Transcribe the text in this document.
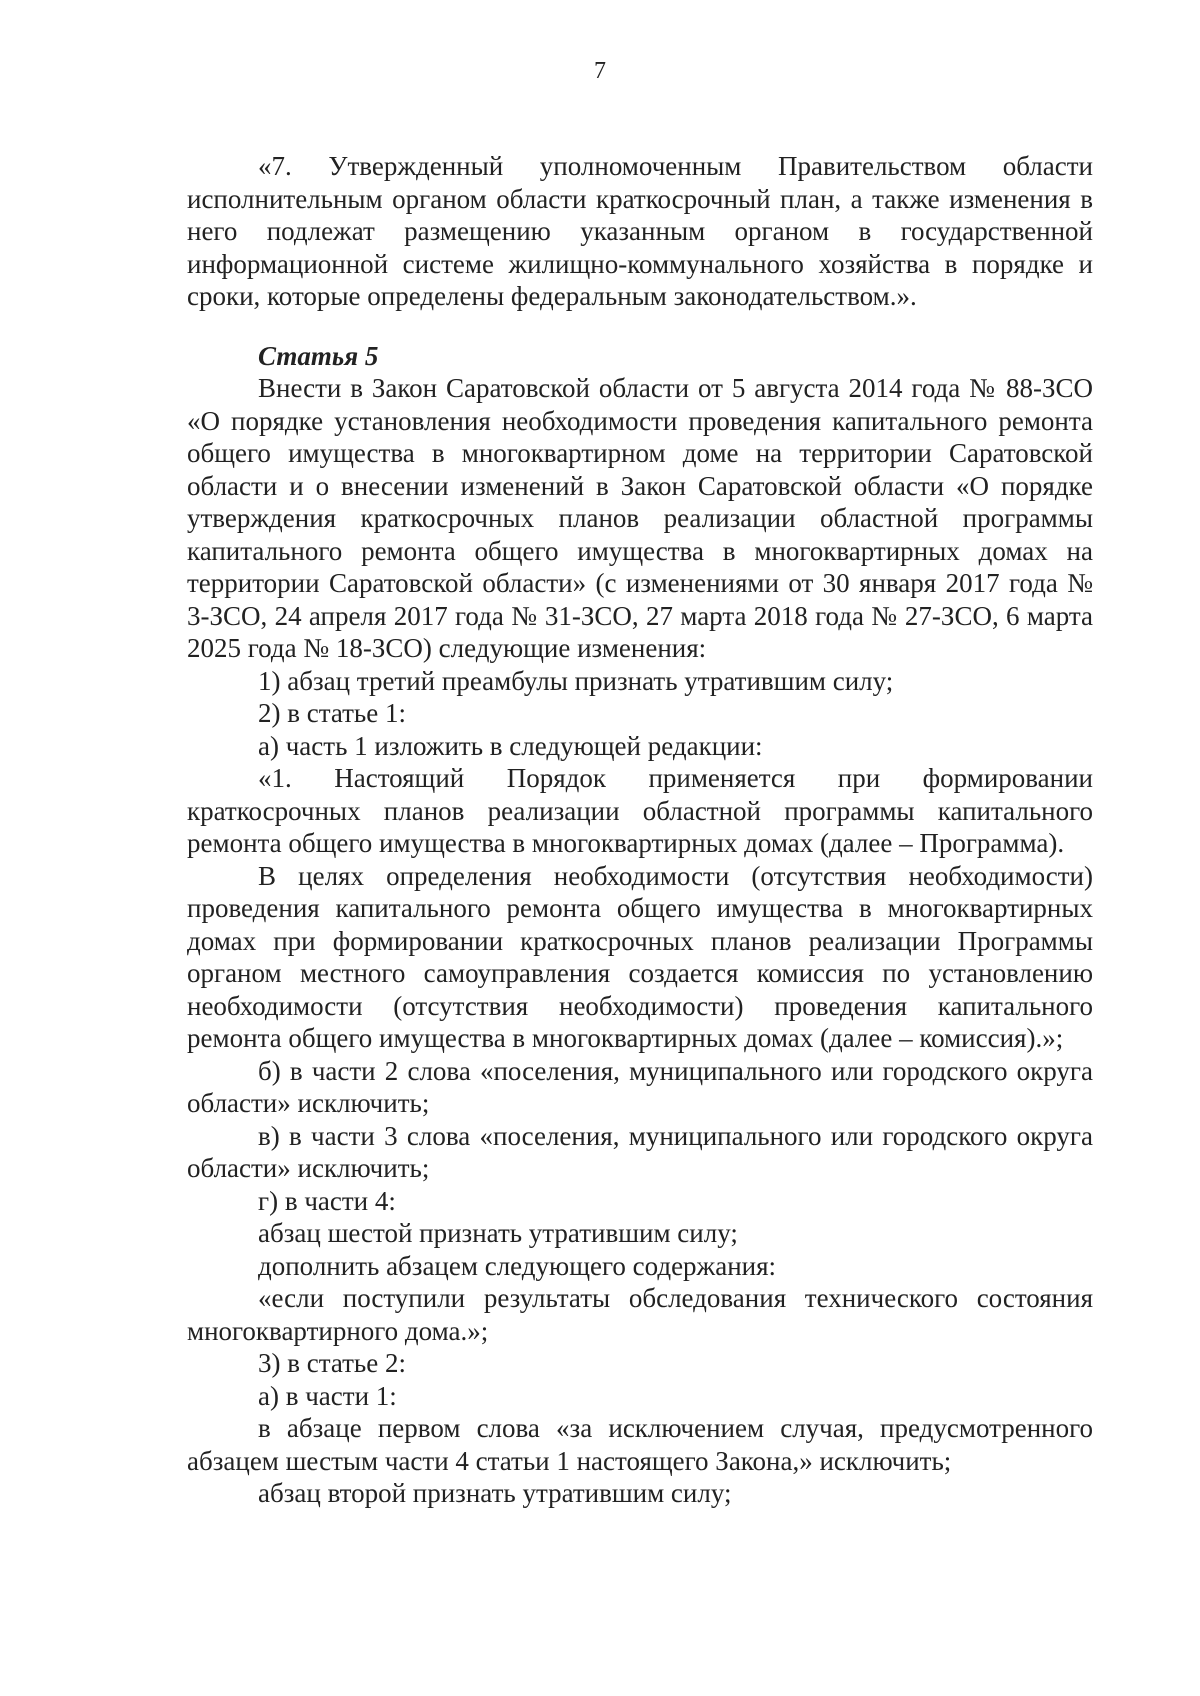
7

«7. Утвержденный уполномоченным Правительством области исполнительным органом области краткосрочный план, а также изменения в него подлежат размещению указанным органом в государственной информационной системе жилищно-коммунального хозяйства в порядке и сроки, которые определены федеральным законодательством.».

Статья 5

Внести в Закон Саратовской области от 5 августа 2014 года № 88-ЗСО «О порядке установления необходимости проведения капитального ремонта общего имущества в многоквартирном доме на территории Саратовской области и о внесении изменений в Закон Саратовской области «О порядке утверждения краткосрочных планов реализации областной программы капитального ремонта общего имущества в многоквартирных домах на территории Саратовской области» (с изменениями от 30 января 2017 года № 3-ЗСО, 24 апреля 2017 года № 31-ЗСО, 27 марта 2018 года № 27-ЗСО, 6 марта 2025 года № 18-ЗСО) следующие изменения:

1) абзац третий преамбулы признать утратившим силу;

2) в статье 1:

а) часть 1 изложить в следующей редакции:

«1. Настоящий Порядок применяется при формировании краткосрочных планов реализации областной программы капитального ремонта общего имущества в многоквартирных домах (далее – Программа).

В целях определения необходимости (отсутствия необходимости) проведения капитального ремонта общего имущества в многоквартирных домах при формировании краткосрочных планов реализации Программы органом местного самоуправления создается комиссия по установлению необходимости (отсутствия необходимости) проведения капитального ремонта общего имущества в многоквартирных домах (далее – комиссия).»;

б) в части 2 слова «поселения, муниципального или городского округа области» исключить;

в) в части 3 слова «поселения, муниципального или городского округа области» исключить;

г) в части 4:

абзац шестой признать утратившим силу;

дополнить абзацем следующего содержания:

«если поступили результаты обследования технического состояния многоквартирного дома.»;

3) в статье 2:

а) в части 1:

в абзаце первом слова «за исключением случая, предусмотренного абзацем шестым части 4 статьи 1 настоящего Закона,» исключить;

абзац второй признать утратившим силу;
